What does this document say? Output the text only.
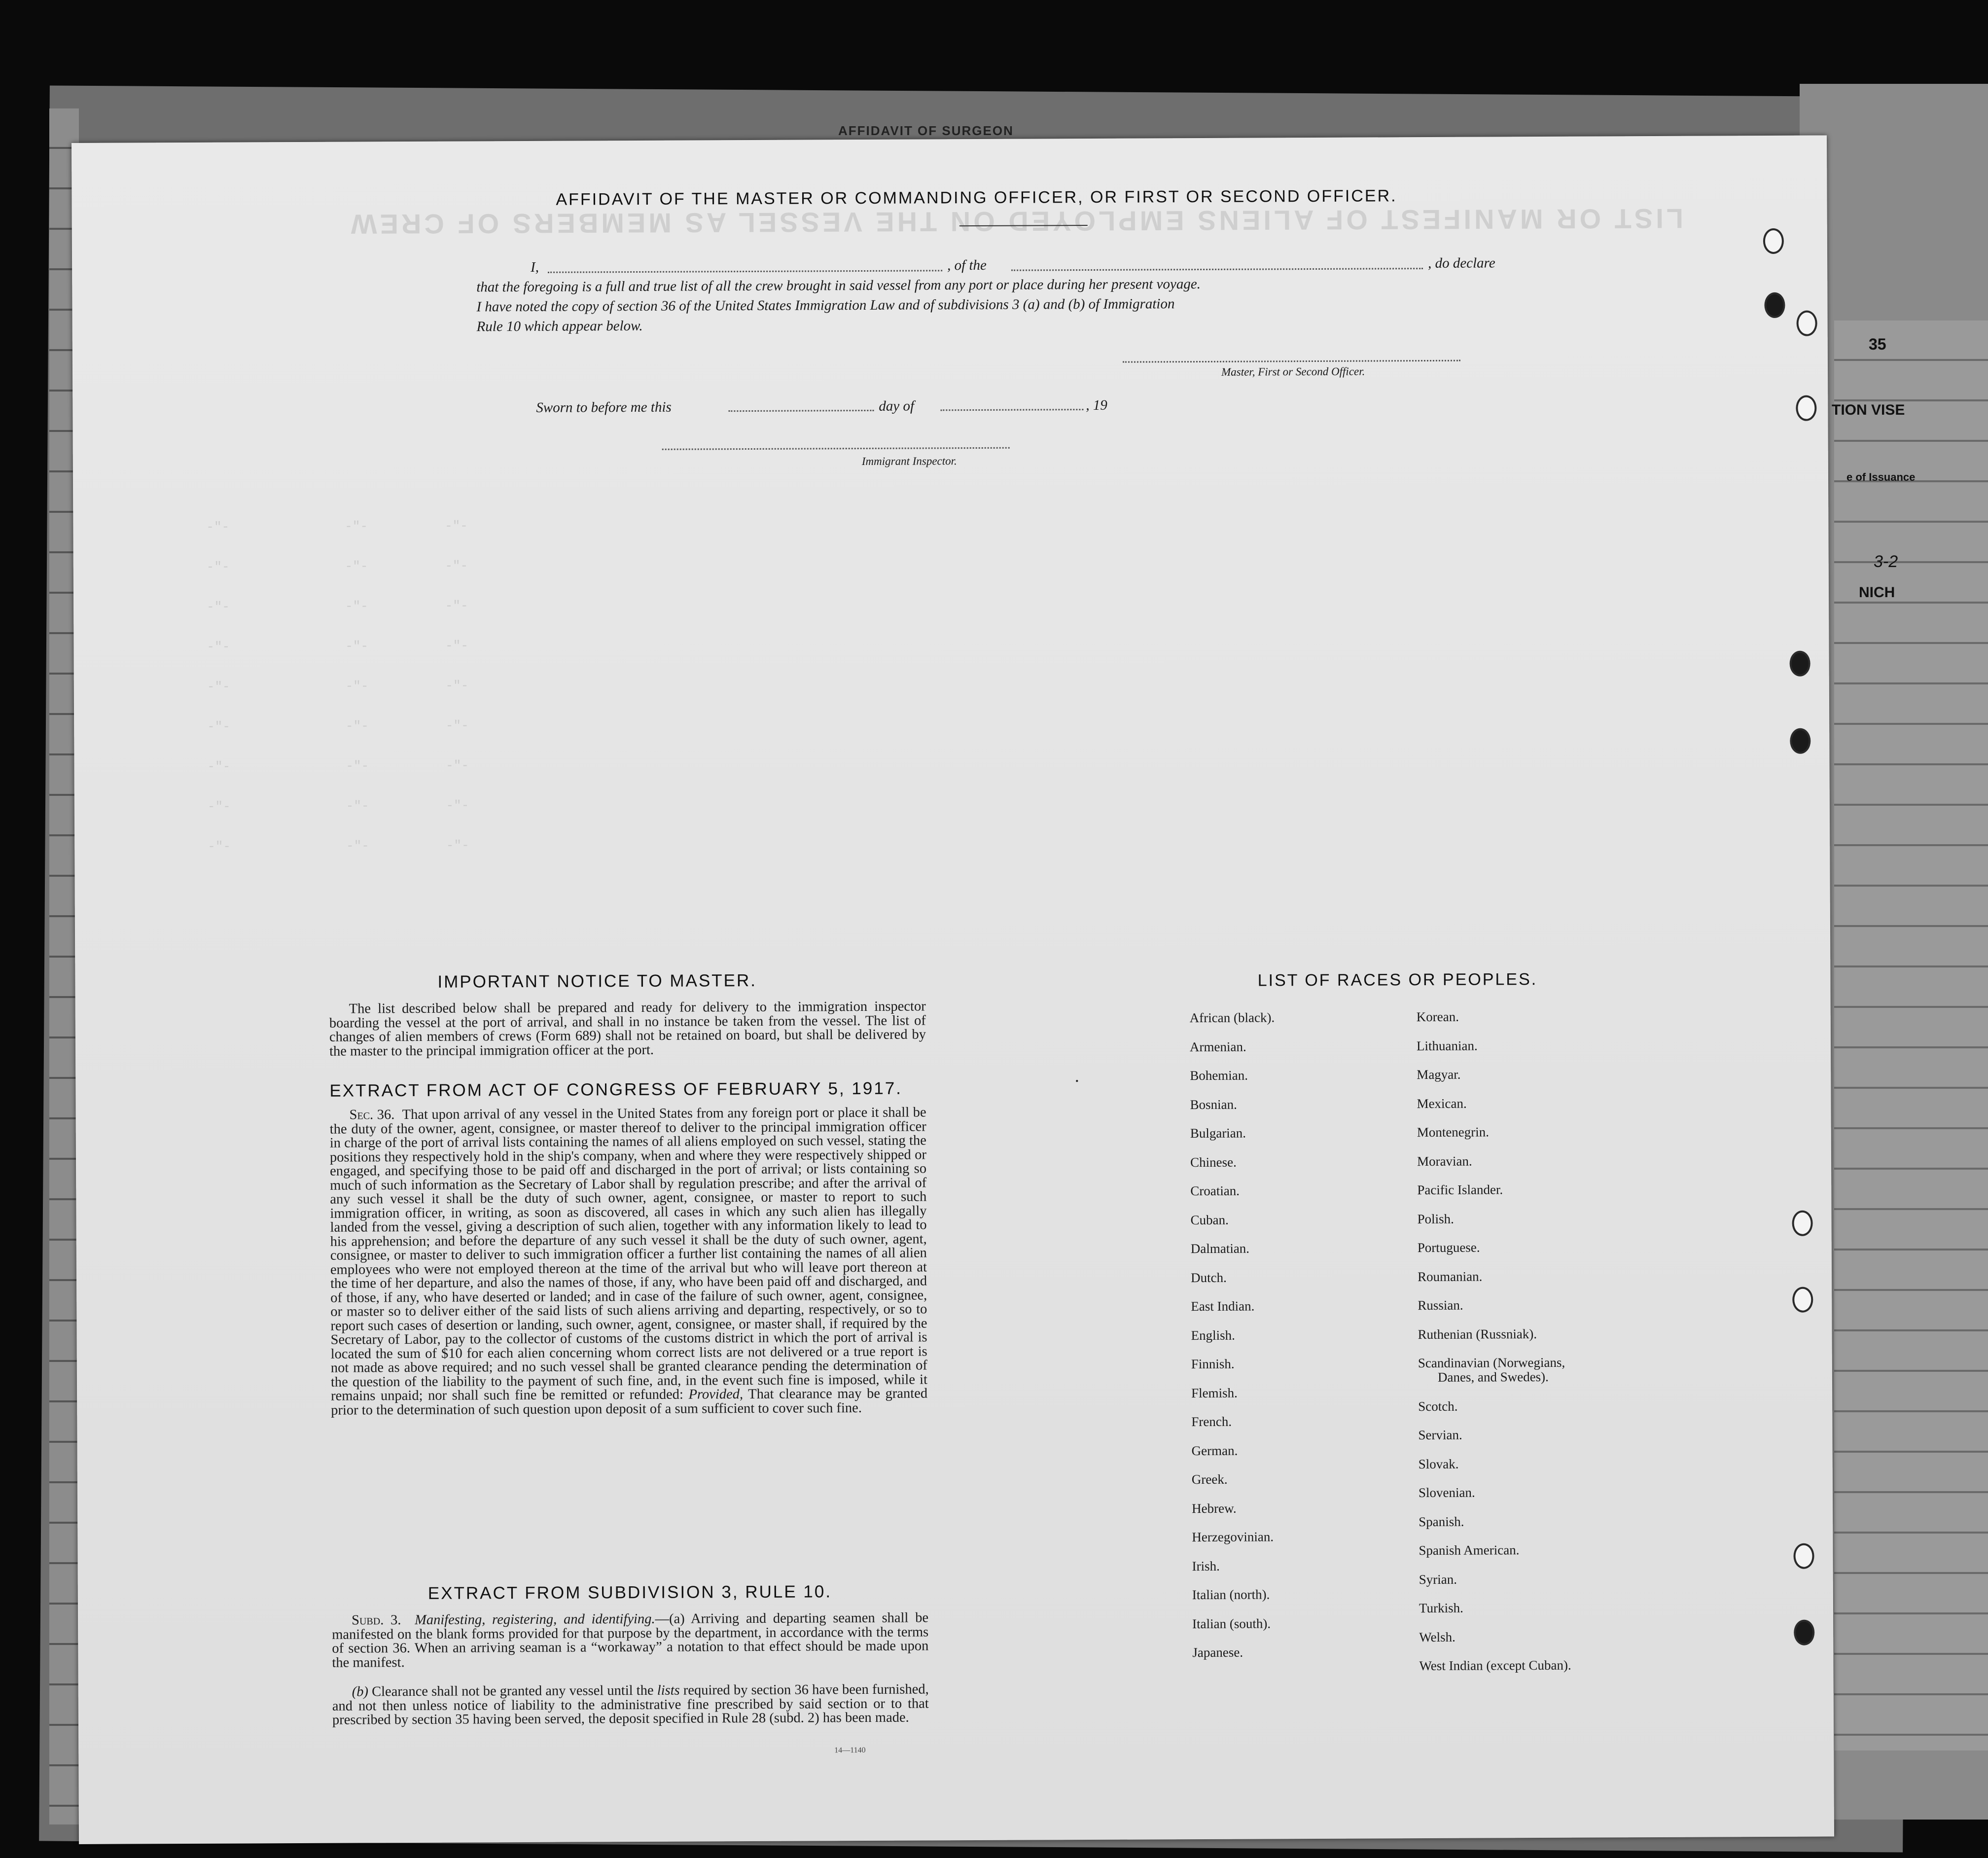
AFFIDAVIT OF SURGEON
35
TION VISE
e of Issuance
3-2
NICH
LIST OR MANIFEST OF ALIENS EMPLOYED ON THE VESSEL AS MEMBERS OF CREW
-"-               -"-          -"-
-"-               -"-          -"-
-"-               -"-          -"-
-"-               -"-          -"-
-"-               -"-          -"-
-"-               -"-          -"-
-"-               -"-          -"-
-"-               -"-          -"-
-"-               -"-          -"-
AFFIDAVIT OF THE MASTER OR COMMANDING OFFICER, OR FIRST OR SECOND OFFICER.
I,	, of the	, do declare
that the foregoing is a full and true list of all the crew brought in said vessel from any port or place during her present voyage.
I have noted the copy of section 36 of the United States Immigration Law and of subdivisions 3 (a) and (b) of Immigration
Rule 10 which appear below.
Master, First or Second Officer.
Sworn to before me this	day of	, 19
Immigrant Inspector.
IMPORTANT NOTICE TO MASTER.
The list described below shall be prepared and ready for delivery to the immigration inspector boarding the vessel at the port of arrival, and shall in no instance be taken from the vessel. The list of changes of alien members of crews (Form 689) shall not be retained on board, but shall be delivered by the master to the principal immigration officer at the port.
EXTRACT FROM ACT OF CONGRESS OF FEBRUARY 5, 1917.
Sec. 36. That upon arrival of any vessel in the United States from any foreign port or place it shall be the duty of the owner, agent, consignee, or master thereof to deliver to the principal immigration officer in charge of the port of arrival lists containing the names of all aliens employed on such vessel, stating the positions they respectively hold in the ship's company, when and where they were respectively shipped or engaged, and specifying those to be paid off and discharged in the port of arrival; or lists containing so much of such information as the Secretary of Labor shall by regulation prescribe; and after the arrival of any such vessel it shall be the duty of such owner, agent, consignee, or master to report to such immigration officer, in writing, as soon as discovered, all cases in which any such alien has illegally landed from the vessel, giving a description of such alien, together with any information likely to lead to his apprehension; and before the departure of any such vessel it shall be the duty of such owner, agent, consignee, or master to deliver to such immigration officer a further list containing the names of all alien employees who were not employed thereon at the time of the arrival but who will leave port thereon at the time of her departure, and also the names of those, if any, who have been paid off and discharged, and of those, if any, who have deserted or landed; and in case of the failure of such owner, agent, consignee, or master so to deliver either of the said lists of such aliens arriving and departing, respectively, or so to report such cases of desertion or landing, such owner, agent, consignee, or master shall, if required by the Secretary of Labor, pay to the collector of customs of the customs district in which the port of arrival is located the sum of $10 for each alien concerning whom correct lists are not delivered or a true report is not made as above required; and no such vessel shall be granted clearance pending the determination of the question of the liability to the payment of such fine, and, in the event such fine is imposed, while it remains unpaid; nor shall such fine be remitted or refunded: Provided, That clearance may be granted prior to the determination of such question upon deposit of a sum sufficient to cover such fine.
EXTRACT FROM SUBDIVISION 3, RULE 10.
Subd. 3. Manifesting, registering, and identifying.—(a) Arriving and departing seamen shall be manifested on the blank forms provided for that purpose by the department, in accordance with the terms of section 36. When an arriving seaman is a “workaway” a notation to that effect should be made upon the manifest.
(b) Clearance shall not be granted any vessel until the lists required by section 36 have been furnished, and not then unless notice of liability to the administrative fine prescribed by said section or to that prescribed by section 35 having been served, the deposit specified in Rule 28 (subd. 2) has been made.
14—1140
LIST OF RACES OR PEOPLES.
African (black).
Armenian.
Bohemian.
Bosnian.
Bulgarian.
Chinese.
Croatian.
Cuban.
Dalmatian.
Dutch.
East Indian.
English.
Finnish.
Flemish.
French.
German.
Greek.
Hebrew.
Herzegovinian.
Irish.
Italian (north).
Italian (south).
Japanese.
Korean.
Lithuanian.
Magyar.
Mexican.
Montenegrin.
Moravian.
Pacific Islander.
Polish.
Portuguese.
Roumanian.
Russian.
Ruthenian (Russniak).
Scandinavian (Norwegians,
Danes, and Swedes).
Scotch.
Servian.
Slovak.
Slovenian.
Spanish.
Spanish American.
Syrian.
Turkish.
Welsh.
West Indian (except Cuban).
·
